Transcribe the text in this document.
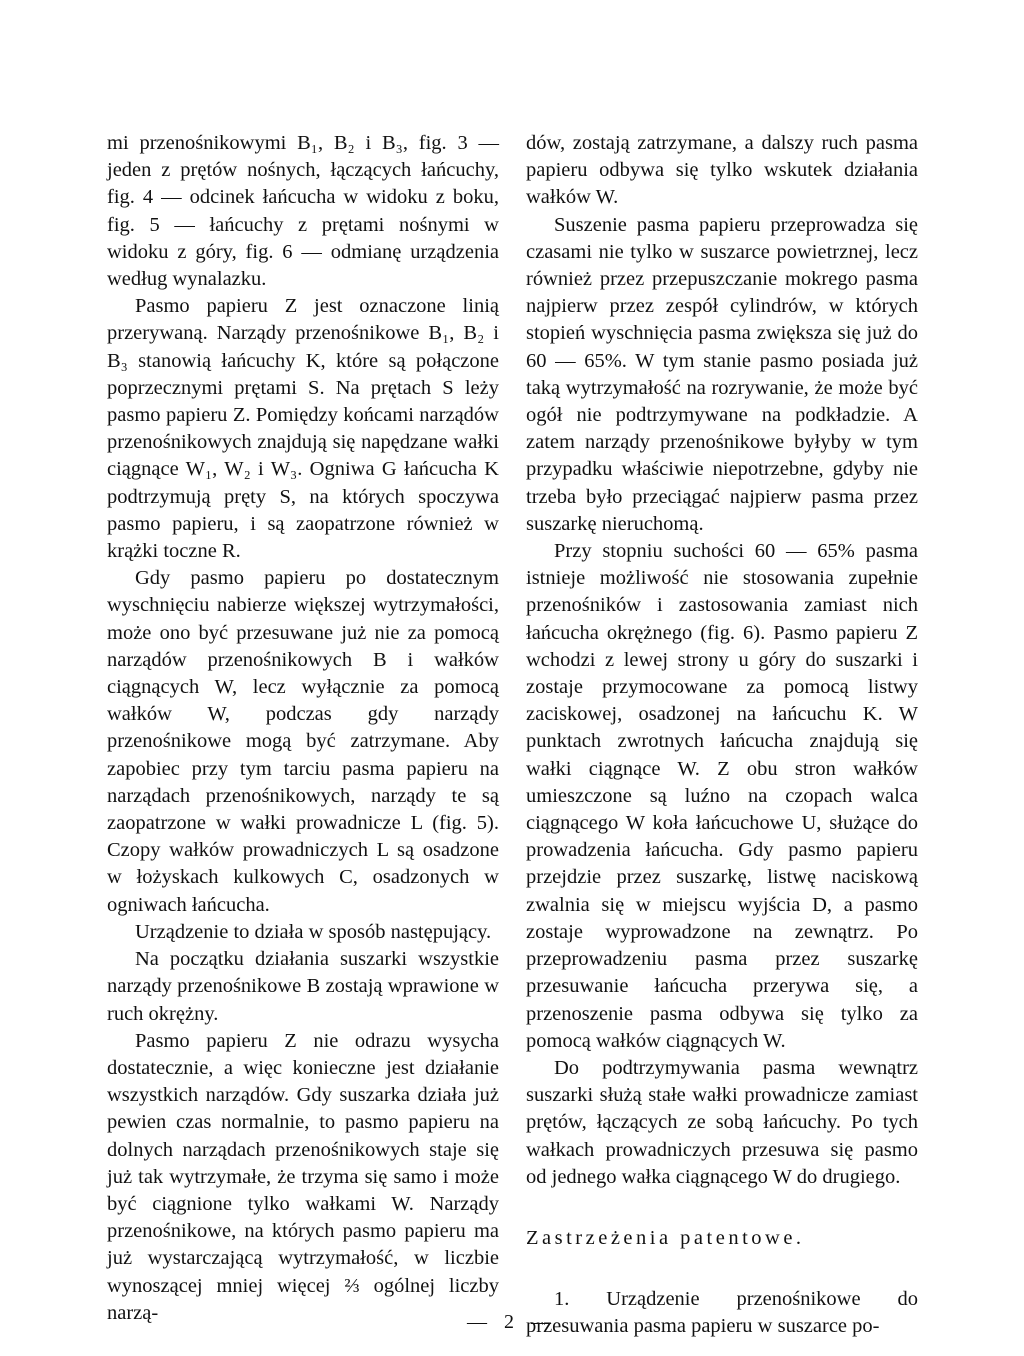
mi przenośnikowymi B₁, B₂ i B₃, fig. 3 — jeden z prętów nośnych, łączących łańcuchy, fig. 4 — odcinek łańcucha w widoku z boku, fig. 5 — łańcuchy z prętami nośnymi w widoku z góry, fig. 6 — odmianę urządzenia według wynalazku.

Pasmo papieru Z jest oznaczone linią przerywaną. Narządy przenośnikowe B₁, B₂ i B₃ stanowią łańcuchy K, które są połączone poprzecznymi prętami S. Na prętach S leży pasmo papieru Z. Pomiędzy końcami narządów przenośnikowych znajdują się napędzane wałki ciągnące W₁, W₂ i W₃. Ogniwa G łańcucha K podtrzymują pręty S, na których spoczywa pasmo papieru, i są zaopatrzone również w krążki toczne R.

Gdy pasmo papieru po dostatecznym wyschnięciu nabierze większej wytrzymałości, może ono być przesuwane już nie za pomocą narządów przenośnikowych B i wałków ciągnących W, lecz wyłącznie za pomocą wałków W, podczas gdy narządy przenośnikowe mogą być zatrzymane. Aby zapobiec przy tym tarciu pasma papieru na narządach przenośnikowych, narządy te są zaopatrzone w wałki prowadnicze L (fig. 5). Czopy wałków prowadniczych L są osadzone w łożyskach kulkowych C, osadzonych w ogniwach łańcucha.

Urządzenie to działa w sposób następujący.

Na początku działania suszarki wszystkie narządy przenośnikowe B zostają wprawione w ruch okrężny.

Pasmo papieru Z nie odrazu wysycha dostatecznie, a więc konieczne jest działanie wszystkich narządów. Gdy suszarka działa już pewien czas normalnie, to pasmo papieru na dolnych narządach przenośnikowych staje się już tak wytrzymałe, że trzyma się samo i może być ciągnione tylko wałkami W. Narządy przenośnikowe, na których pasmo papieru ma już wystarczającą wytrzymałość, w liczbie wynoszącej mniej więcej ⅔ ogólnej liczby narzą-

dów, zostają zatrzymane, a dalszy ruch pasma papieru odbywa się tylko wskutek działania wałków W.

Suszenie pasma papieru przeprowadza się czasami nie tylko w suszarce powietrznej, lecz również przez przepuszczanie mokrego pasma najpierw przez zespół cylindrów, w których stopień wyschnięcia pasma zwiększa się już do 60 — 65%. W tym stanie pasmo posiada już taką wytrzymałość na rozrywanie, że może być ogół nie podtrzymywane na podkładzie. A zatem narządy przenośnikowe byłyby w tym przypadku właściwie niepotrzebne, gdyby nie trzeba było przeciągać najpierw pasma przez suszarkę nieruchomą.

Przy stopniu suchości 60 — 65% pasma istnieje możliwość nie stosowania zupełnie przenośników i zastosowania zamiast nich łańcucha okrężnego (fig. 6). Pasmo papieru Z wchodzi z lewej strony u góry do suszarki i zostaje przymocowane za pomocą listwy zaciskowej, osadzonej na łańcuchu K. W punktach zwrotnych łańcucha znajdują się wałki ciągnące W. Z obu stron wałków umieszczone są luźno na czopach walca ciągnącego W koła łańcuchowe U, służące do prowadzenia łańcucha. Gdy pasmo papieru przejdzie przez suszarkę, listwę naciskową zwalnia się w miejscu wyjścia D, a pasmo zostaje wyprowadzone na zewnątrz. Po przeprowadzeniu pasma przez suszarkę przesuwanie łańcucha przerywa się, a przenoszenie pasma odbywa się tylko za pomocą wałków ciągnących W.

Do podtrzymywania pasma wewnątrz suszarki służą stałe wałki prowadnicze zamiast prętów, łączących ze sobą łańcuchy. Po tych wałkach prowadniczych przesuwa się pasmo od jednego wałka ciągnącego W do drugiego.

Zastrzeżenia patentowe.

1. Urządzenie przenośnikowe do przesuwania pasma papieru w suszarce po-

— 2 —
